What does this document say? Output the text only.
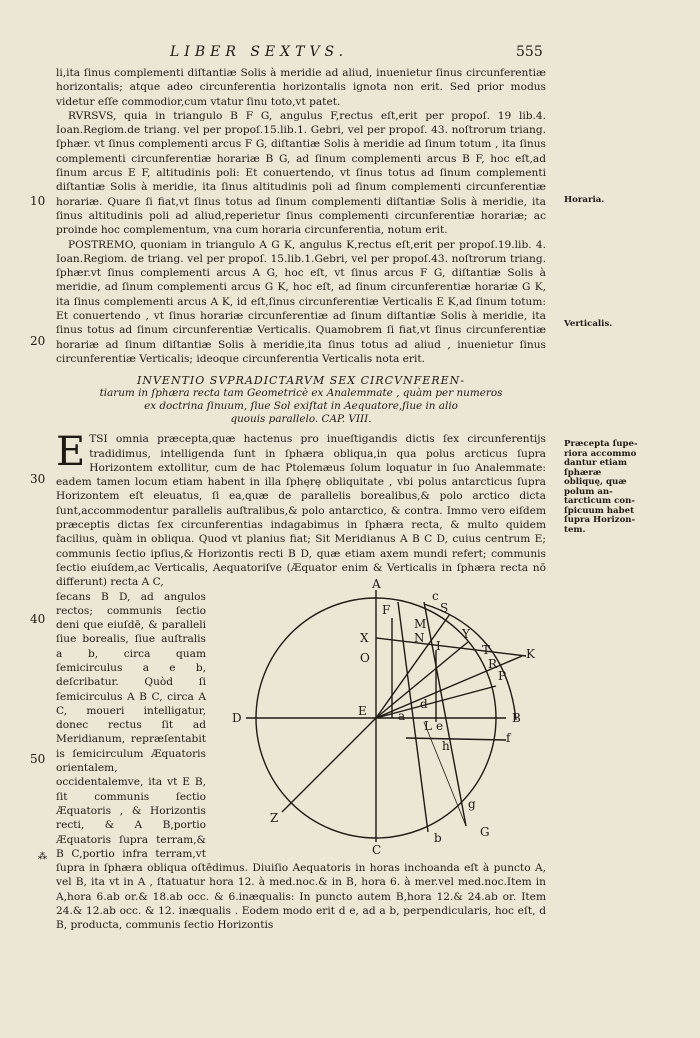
LIBER SEXTVS.	555

li,ita ſinus complementi diſtantiæ Solis à meridie ad aliud, inuenietur ſinus circunferentiæ horizontalis; atque adeo circunferentia horizontalis ignota non erit. Sed prior modus videtur eſſe commodior,cum vtatur ſinu toto,vt patet.

RVRSVS, quia in triangulo B F G, angulus F,rectus eſt,erit per propoſ. 19 lib.4. Ioan.Regiom.de triang. vel per propoſ.15.lib.1. Gebri, vel per propoſ. 43. noſtrorum triang. ſphær. vt ſinus complementi arcus F G, diſtantiæ Solis à meridie ad ſinum totum , ita ſinus complementi circunferentiæ horariæ B G, ad ſinum complementi arcus B F, hoc eſt,ad ſinum arcus E F, altitudinis poli: Et conuertendo, vt ſinus totus ad ſinum complementi diſtantiæ Solis à meridie, ita ſinus altitudinis poli ad ſinum complementi circunferentiæ horariæ. Quare ſi fiat,vt ſinus totus ad ſinum complementi diſtantiæ Solis à meridie, ita ſinus altitudinis poli ad aliud,reperietur ſinus complementi circunferentiæ horariæ; ac proinde hoc complementum, vna cum horaria circunferentia, notum erit.

POSTREMO, quoniam in triangulo A G K, angulus K,rectus eſt,erit per propoſ.19.lib. 4. Ioan.Regiom. de triang. vel per propoſ. 15.lib.1.Gebri, vel per propoſ.43. noſtrorum triang. ſphær.vt ſinus complementi arcus A G, hoc eſt, vt ſinus arcus F G, diſtantiæ Solis à meridie, ad ſinum complementi arcus G K, hoc eſt, ad ſinum circunferentiæ horariæ G K, ita ſinus complementi arcus A K, id eſt,ſinus circunferentiæ Verticalis E K,ad ſinum totum: Et conuertendo , vt ſinus horariæ circunferentiæ ad ſinum diſtantiæ Solis à meridie, ita ſinus totus ad ſinum circunferentiæ Verticalis. Quamobrem ſi fiat,vt ſinus circunferentiæ horariæ ad ſinum diſtantiæ Solis à meridie,ita ſinus totus ad aliud , inuenietur ſinus circunferentiæ Verticalis; ideoque circunferentia Verticalis nota erit.

INVENTIO SVPRADICTARVM SEX CIRCVNFEREN-
tiarum in ſphæra recta tam Geometricè ex Analemmate , quàm per numeros
ex doctrina ſinuum, ſiue Sol exiſtat in Aequatore,ſiue in alio
quouis parallelo. CAP. VIII.

E TSI omnia præcepta,quæ hactenus pro inueſtigandis dictis ſex circunferentijs tradidimus, intelligenda ſunt in ſphæra obliqua,in qua polus arcticus ſupra Horizontem extollitur, cum de hac Ptolemæus ſolum loquatur in ſuo Analemmate: eadem tamen locum etiam habent in illa ſphęrę obliquitate , vbi polus antarcticus ſupra Horizontem eſt eleuatus, ſi ea,quæ de parallelis borealibus,& polo arctico dicta ſunt,accommodentur parallelis auſtralibus,& polo antarctico, & contra. Immo vero eiſdem præceptis dictas ſex circunferentias indagabimus in ſphæra recta, & multo quidem facilius, quàm in obliqua. Quod vt planius fiat; Sit Meridianus A B C D, cuius centrum E; communis ſectio ipſius,& Horizontis recti B D, quæ etiam axem mundi refert; communis ſectio eiuſdem,ac Verticalis, Aequatoriſve (Æquator enim & Verticalis in ſphæra recta nō differunt) recta A C,	A
B
C
D	E
F
G
K
X
O
M
N
I
Y
T
R
P
S
Z
L
a
b
c
d
e
f
g
h

ſecans B D, ad angulos rectos; communis ſectio deni que eiuſdē, & paralleli ſiue borealis, ſiue auſtralis a b, circa quam ſemicirculus a e b, deſcribatur. Quòd ſi ſemicirculus A B C, circa A C, moueri intelligatur, donec rectus ſit ad Meridianum, repræſentabit is ſemicirculum Æquatoris orientalem, occidentalemve, ita vt E B, ſit communis ſectio Æquatoris , & Horizontis recti, & A B,portio Æquatoris ſupra terram,& B C,portio infra terram,vt ſupra in ſphæra obliqua oſtēdimus. Diuiſio Aequatoris in horas inchoanda eſt à puncto A, vel B, ita vt in A , ſtatuatur hora 12. à med.noc.& in B, hora 6. à mer.vel med.noc.Item in A,hora 6.ab or.& 18.ab occ. & 6.inæqualis: In puncto autem B,hora 12.& 24.ab or. Item 24.& 12.ab occ. & 12. inæqualis . Eodem modo erit d e, ad a b, perpendicularis, hoc eſt, d B, producta, communis ſectio Horizontis

10
20
30
40
50
Horaria.
Verticalis.
Præcepta ſuperiora accommo dantur etiam ſphæræ obliquę, quæ polum antarcticum conſpicuum habet ſupra Horizontem.
⁂
